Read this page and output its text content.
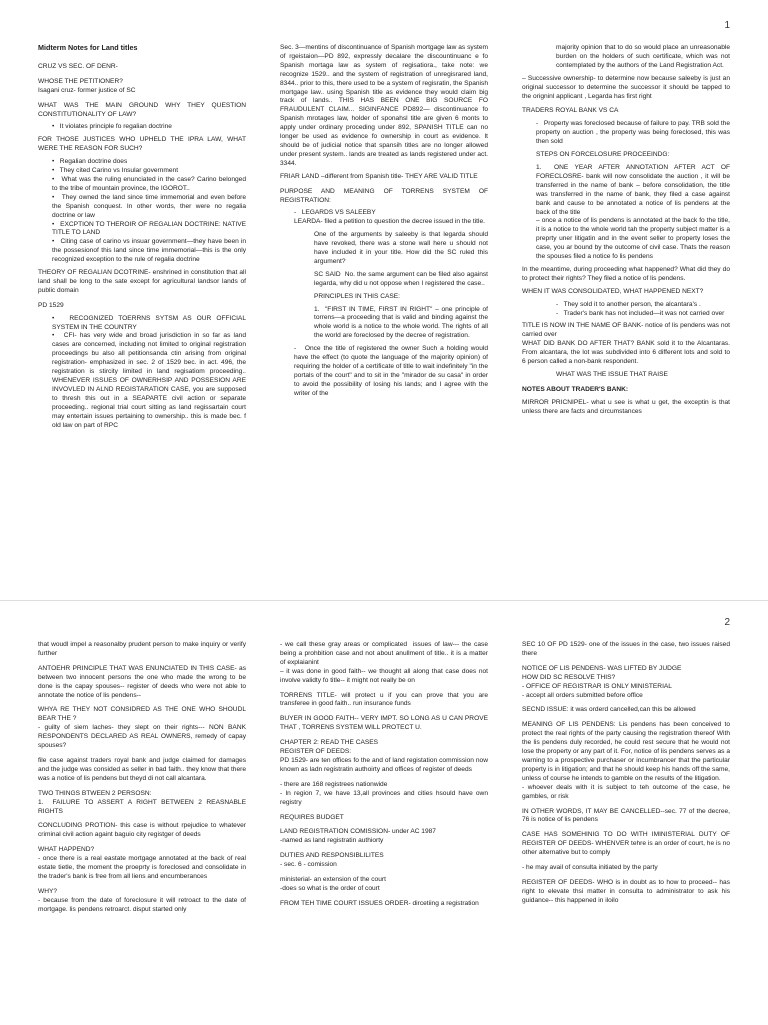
1
Midterm Notes for Land titles
CRUZ VS SEC. OF DENR-
WHOSE THE PETITIONER?
Isagani cruz- former justice of SC
WHAT WAS THE MAIN GROUND WHY THEY QUESTION CONSTITUTIONALITY OF LAW?
•   It violates principle fo regalian doctrine
FOR THOSE JUSTICES WHO UPHELD THE IPRA LAW, WHAT WERE THE REASON FOR SUCH?
•   Regalian doctrine does
•   They cited Carino vs Insular government
•   What was the ruling enunciated in the case? Carino belonged to the tribe of mountain province, the IGOROT..
•   They owned the land since time immemorial and even before the Spanish conquest. In other words, ther were no regalia doctrine or law
•   EXCPTION TO THEROIR OF REGALIAN DOCTRINE: NATIVE TITLE TO LAND
•   Citing case of carino vs insuar government—they have been in the possesionof this land since time immemorial—this is the only recognized exception to the rule of regalia doctrine
THEORY OF REGALIAN DCOTRINE- enshrined in constitution that all land shall be long to the sate except for agricultural landsor lands of public domain
PD 1529
•   RECOGNIZED TOERRNS SYTSM AS OUR OFFICIAL SYSTEM IN THE COUNTRY
•   CFI- has very wide and broad jurisdiction in so far as land cases are concerned, including not limited to original registration proceedings bu also all petitionsanda ctin arising from original registration- emphasized in sec. 2 of 1529 bec. in act. 496, the registration is stircity limited in land regisatiom proceeding.. WHENEVER ISSUES OF OWNERHSIP AND POSSESION ARE INVOVLED IN ALND REGISTARATION CASE, you are supposed to thresh this out in a SEAPARTE civil action or separate proceeding.. regional trial court sitting as land regissartain court may entertain issues pertaining to ownership.. this is made bec. f old law on part of RPC
Sec. 3—mentins of discontinuance of Spanish mortgage law as system of rgeistaion—PD 892, expressly decalare the discountinuanc e fo Spanish mortaga law as system of regisatiora., take note: we recognize 1529.. and the system of registration of unregisrared land, 8344.. prior to this, there used to be a system of regisratin, the Spanish mortgage law.. using Spanish title as evidence they would claim big track of lands.. THIS HAS BEEN ONE BIG SOURCE FO FRAUDULENT CLAIM... SIGINFANCE PD892— discontinuance fo Spanish mrotages law, holder of sponahsl title are given 6 monts to apply under ordinary proceding under 892, SPANISH TITLE can no longer be used as evidence fo ownership in court as evidence. It should be of judicial notice that spansih titles are no longer allowed under present system.. lands are treated as lands registered under act. 3344.
FRIAR LAND –different from Spanish title- THEY ARE VALID TITLE
PURPOSE AND MEANING OF TORRENS SYSTEM OF REGISTRATION:
-   LEGARDS VS SALEEBY
LEARDA- filed a petition to question the decree issued in the title.
One of the arguments by saleeby is that legarda should have revoked, there was a stone wall here u should not have included it in your title. How did the SC ruled this argument?
SC SAID  No. the same argument can be filed also against legarda, why did u not oppose when I registered the case..
PRINCIPLES IN THIS CASE:
1.  "FIRST IN TIME, FIRST IN RIGHT" – one principle of torrens—a proceeding that is valid and binding against the whole world is a notice to the whole world. The rights of all the world are foreclosed by the decree of registration.
-   Once the title of registered the owner Such a holding would have the effect (to quote the language of the majority opinion) of requiring the holder of a certificate of title to wait indefinitely "in the portals of the court" and to sit in the "mirador de su casa" in order to avoid the possibility of losing his lands; and I agree with the writer of the
majority opinion that to do so would place an unreasonable burden on the holders of such certificate, which was not contemplated by the authors of the Land Registration Act.
– Successive ownership- to determine now because saleeby is just an original successor to determine the successor it should be tapped to the origninl applicant , Legarda has first right
TRADERS ROYAL BANK VS CA
-   Property was foreclosed because of failure to pay. TRB sold the property on auction , the property was being foreclosed, this was then sold
STEPS ON FORCELOSURE PROCEEINDG:
1.  ONE YEAR AFTER ANNOTATION AFTER ACT OF FORECLOSRE- bank will now consolidate the auction , it will be transferred in the name of bank – before consolidation, the title was transferred in the name of bank, they filed a case against bank and cause to be annotated a notice of lis pendens at the back of the title
– once a notice of lis pendens is annotated at the back fo the title, it is a notice to the whole world tah the property subject matter is a preprty uner litigatin and in the event seller to property loses the case, you ar bound by the outcome of civil case. Thats the reason the spouses filed a notice fo lis pendens
In the meantime, during proceeding what happened? What did they do to protect their rights? They filed a notice of lis pendens.
WHEN IT WAS CONSOLIDATED, WHAT HAPPENED NEXT?
-   They sold it to another person, the alcantara's .
-   Trader's bank has not included—it was not carried over
TITLE IS NOW IN THE NAME OF BANK- notice of lis pendens was not carried over
WHAT DID BANK DO AFTER THAT? BANK sold it to the Alcantaras. From alcantara, the lot was subdivided into 6 different lots and sold to 6 person called a non-bank respondent.
WHAT WAS THE ISSUE THAT RAISE
NOTES ABOUT TRADER'S BANK:
MIRROR PRICNIPEL- what u see is what u get, the exceptin is that unless there are facts and circumstances
2
that woudl impel a reasonalby prudent person to make inquiry or verify further
ANTOEHR PRINCIPLE THAT WAS ENUNCIATED IN THIS CASE- as between two innocent persons the one who made the wrong to be done is the capay spouses-- register of deeds who were not able to annotate the notice of lis pendens--
WHYA RE THEY NOT CONSIDRED AS THE ONE WHO SHOUDL BEAR THE ?
- guilty of siem laches- they slept on their rights--- NON BANK RESPONDENTS DECLARED AS REAL OWNERS, remedy of capay spouses?
file case against traders royal bank and judge claimed for damages and the judge was consided as seller in bad faith.. they know that there was a notice of lis pendens but theyd di not call alcantara.
TWO THINGS BTWEEN 2 PERSOSN:
1.  FAILURE TO ASSERT A RIGHT BETWEEN 2 REASNABLE RIGHTS
CONCLUDING PROTION- this case is without rpejudice to whatever criminal civil action againt baguio city registger of deeds
WHAT HAPPEND?
- once there is a real eastate mortgage annotated at the back of real estate tietle, the moment the proeprty is foreclosed and consolidate in the trader's bank is free from all liens and encumberances
WHY?
- because from the date of foreclosure it will retroact to the date of mortgage. lis pendens retroarct. disput started only
- we call these gray areas or complicated  issues of law--- the case being a prohbition case and not about anullment of title.. it is a matter of explaianint
– it was done in good faith-- we thought all along that case does not involve validty fo title-- it might not really be on
TORRENS TITLE- will protect u if you can prove that you are transferee in good faith.. run insurance funds
BUYER IN GOOD FAITH-- VERY IMPT. SO LONG AS U CAN PROVE THAT , TORRENS SYSTEM WILL PROTECT U.
CHAPTER 2: READ THE CASES
REGISTER OF DEEDS:
PD 1529- are ten offices fo the and of land registation commission now known as ladn registratin authoirty and offices of register of deeds
- there are 168 registrees nationwide
- In region 7, we have 13,all provinces and cities hsould have own registry
REQUIRES BUDGET
LAND REGISTRATION COMISSION- under AC 1987
-named as land registratin authiorty
DUTIES AND RESPONSIBLILITES
- sec. 6 - comission
ministerial- an extension of the court
-does so what is the order of court
FROM TEH TIME COURT ISSUES ORDER- dircetiing a registration
SEC 10 OF PD 1529- one of the issues in the case, two issues raised there
NOTICE OF LIS PENDENS- WAS LIFTED BY JUDGE
HOW DID SC RESOLVE THIS?
- OFFICE OF REGISTRAR IS ONLY MINISTERIAL
- accept all orders submitted before office
SECND ISSUE: it was orderd cancelled,can this be allowed
MEANING OF LIS PENDENS: Lis pendens has been conceived to protect the real rights of the party causing the registration thereof With the lis pendens duly recorded, he could rest secure that he would not lose the property or any part of it. For, notice of lis pendens serves as a warning to a prospective purchaser or incumbrancer that the particular property is in litigation; and that he should keep his hands off the same, unless of course he intends to gamble on the results of the litigation.
- whoever deals with it is subject to teh outcome of the case, he gambles, or risk
IN OTHER WORDS, IT MAY BE CANCELLED--sec. 77 of the decree, 76 is notice of lis pendens
CASE HAS SOMEHINIG TO DO WITH IMINISTERIAL DUTY OF REGISTER OF DEEDS- WHENVER tehre is an order of court, he is no other alternative but to comply
- he may avail of consulta initiated by the party
REGISTER OF DEEDS- WHO is in doubt as to how to proceed-- has right to elevate thsi matter in consulta to administrator to ask his guidance-- this happened in iloilo
